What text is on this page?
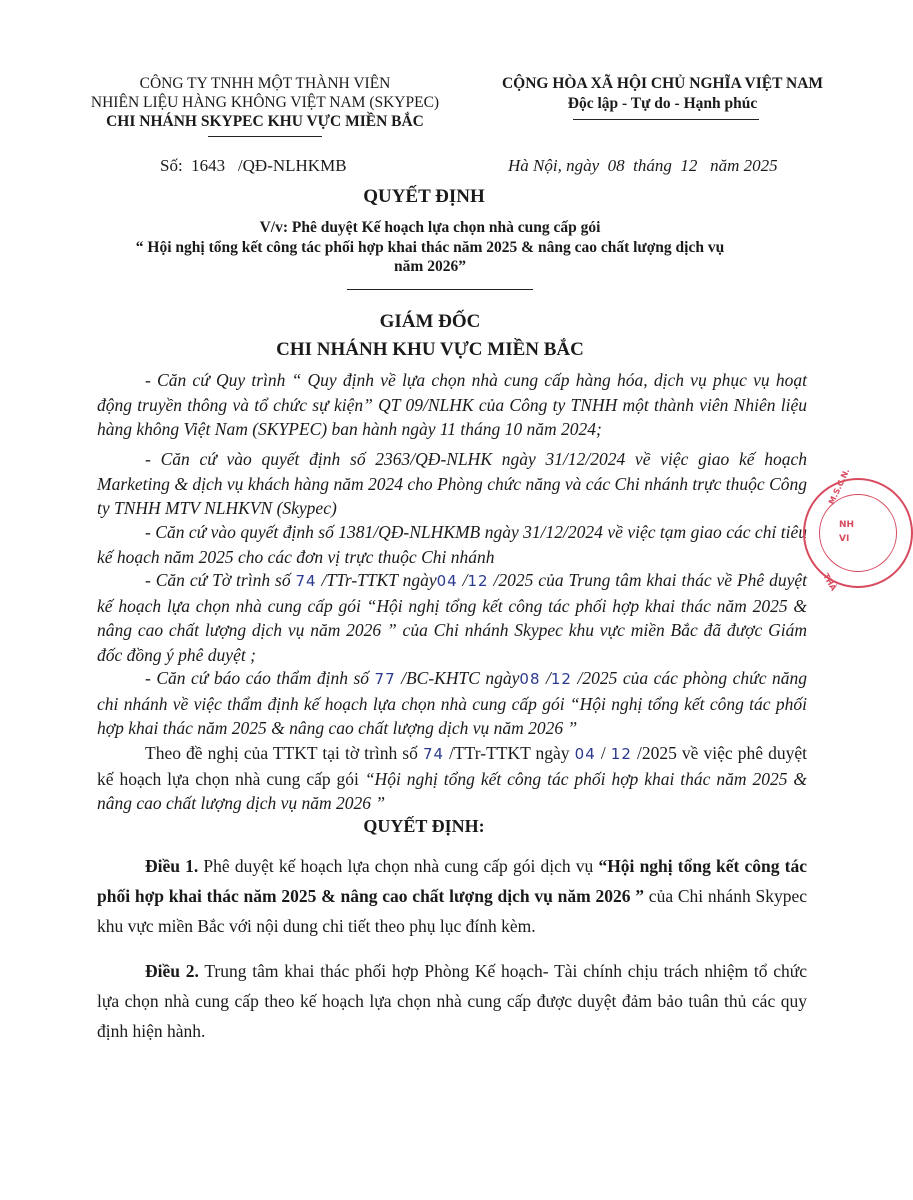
CÔNG TY TNHH MỘT THÀNH VIÊN
NHIÊN LIỆU HÀNG KHÔNG VIỆT NAM (SKYPEC)
CHI NHÁNH SKYPEC KHU VỰC MIỀN BẮC
CỘNG HÒA XÃ HỘI CHỦ NGHĨA VIỆT NAM
Độc lập - Tự do - Hạnh phúc
Số:  1643   /QĐ-NLHKMB	Hà Nội, ngày  08  tháng  12   năm 2025
QUYẾT ĐỊNH
V/v: Phê duyệt Kế hoạch lựa chọn nhà cung cấp gói
“ Hội nghị tổng kết công tác phối hợp khai thác năm 2025 & nâng cao chất lượng dịch vụ
năm 2026”
GIÁM ĐỐC
CHI NHÁNH KHU VỰC MIỀN BẮC
- Căn cứ Quy trình “ Quy định về lựa chọn nhà cung cấp hàng hóa, dịch vụ phục vụ hoạt động truyền thông và tổ chức sự kiện” QT 09/NLHK của Công ty TNHH một thành viên Nhiên liệu hàng không Việt Nam (SKYPEC) ban hành ngày 11 tháng 10 năm 2024;
- Căn cứ vào quyết định số 2363/QĐ-NLHK ngày 31/12/2024 về việc giao kế hoạch Marketing & dịch vụ khách hàng năm 2024 cho Phòng chức năng và các Chi nhánh trực thuộc Công ty TNHH MTV NLHKVN (Skypec)
- Căn cứ vào quyết định số 1381/QĐ-NLHKMB ngày 31/12/2024 về việc tạm giao các chỉ tiêu kế hoạch năm 2025 cho các đơn vị trực thuộc Chi nhánh
- Căn cứ Tờ trình số 74 /TTr-TTKT ngày04 /12 /2025 của Trung tâm khai thác về Phê duyệt kế hoạch lựa chọn nhà cung cấp gói “Hội nghị tổng kết công tác phối hợp khai thác năm 2025 & nâng cao chất lượng dịch vụ năm 2026 ” của Chi nhánh Skypec khu vực miền Bắc đã được Giám đốc đồng ý phê duyệt ;
- Căn cứ báo cáo thẩm định số 77 /BC-KHTC ngày08 /12 /2025 của các phòng chức năng chi nhánh về việc thẩm định kế hoạch lựa chọn nhà cung cấp gói “Hội nghị tổng kết công tác phối hợp khai thác năm 2025 & nâng cao chất lượng dịch vụ năm 2026 ”
Theo đề nghị của TTKT tại tờ trình số 74 /TTr-TTKT ngày 04 / 12 /2025 về việc phê duyệt kế hoạch lựa chọn nhà cung cấp gói “Hội nghị tổng kết công tác phối hợp khai thác năm 2025 & nâng cao chất lượng dịch vụ năm 2026 ”
QUYẾT ĐỊNH:
Điều 1. Phê duyệt kế hoạch lựa chọn nhà cung cấp gói dịch vụ “Hội nghị tổng kết công tác phối hợp khai thác năm 2025 & nâng cao chất lượng dịch vụ năm 2026 ” của Chi nhánh Skypec khu vực miền Bắc với nội dung chi tiết theo phụ lục đính kèm.
Điều 2. Trung tâm khai thác phối hợp Phòng Kế hoạch- Tài chính chịu trách nhiệm tổ chức lựa chọn nhà cung cấp theo kế hoạch lựa chọn nhà cung cấp được duyệt đảm bảo tuân thủ các quy định hiện hành.
M.S.C.N.
NH
VI
THÀ
